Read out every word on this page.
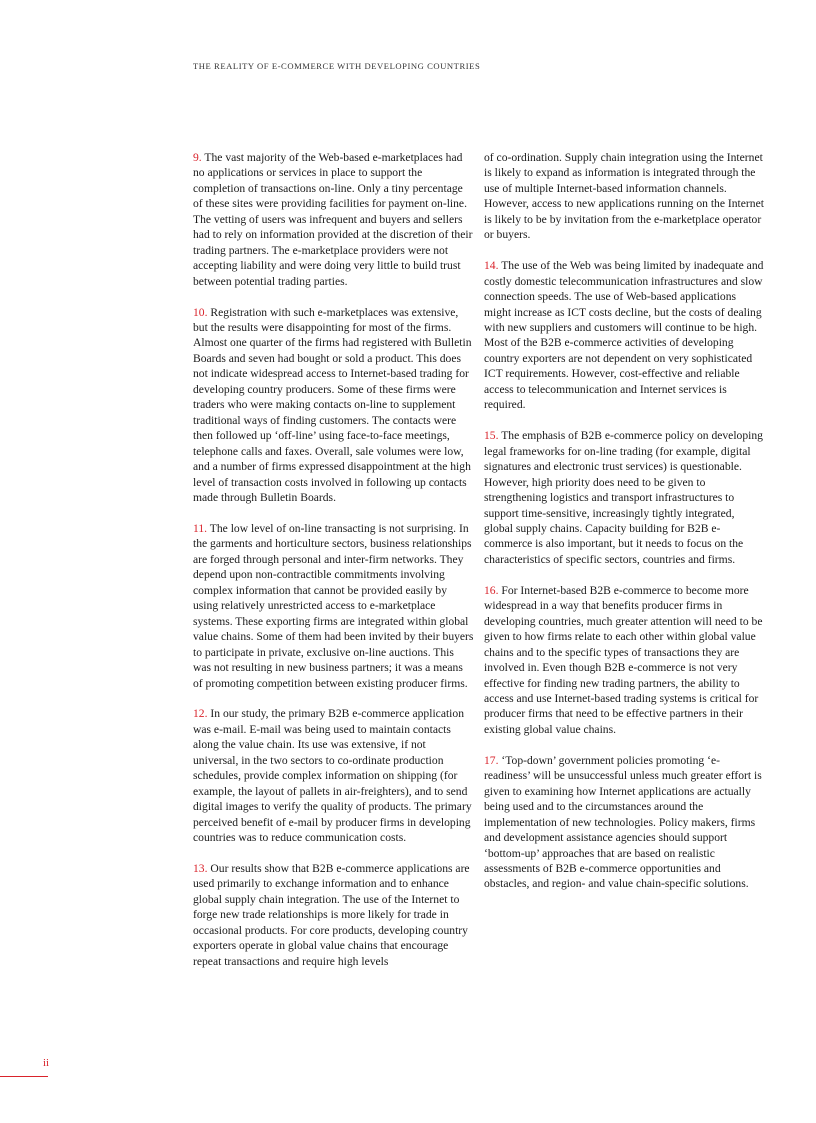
THE REALITY OF E-COMMERCE WITH DEVELOPING COUNTRIES

9. The vast majority of the Web-based e-marketplaces had no applications or services in place to support the completion of transactions on-line. Only a tiny percentage of these sites were providing facilities for payment on-line. The vetting of users was infrequent and buyers and sellers had to rely on information provided at the discretion of their trading partners. The e-marketplace providers were not accepting liability and were doing very little to build trust between potential trading parties.

10. Registration with such e-marketplaces was extensive, but the results were disappointing for most of the firms. Almost one quarter of the firms had registered with Bulletin Boards and seven had bought or sold a product. This does not indicate widespread access to Internet-based trading for developing country producers. Some of these firms were traders who were making contacts on-line to supplement traditional ways of finding customers. The contacts were then followed up ‘off-line’ using face-to-face meetings, telephone calls and faxes. Overall, sale volumes were low, and a number of firms expressed disappointment at the high level of transaction costs involved in following up contacts made through Bulletin Boards.

11. The low level of on-line transacting is not surprising. In the garments and horticulture sectors, business relationships are forged through personal and inter-firm networks. They depend upon non-contractible commitments involving complex information that cannot be provided easily by using relatively unrestricted access to e-marketplace systems. These exporting firms are integrated within global value chains. Some of them had been invited by their buyers to participate in private, exclusive on-line auctions. This was not resulting in new business partners; it was a means of promoting competition between existing producer firms.

12. In our study, the primary B2B e-commerce application was e-mail. E-mail was being used to maintain contacts along the value chain. Its use was extensive, if not universal, in the two sectors to co-ordinate production schedules, provide complex information on shipping (for example, the layout of pallets in air-freighters), and to send digital images to verify the quality of products. The primary perceived benefit of e-mail by producer firms in developing countries was to reduce communication costs.

13. Our results show that B2B e-commerce applications are used primarily to exchange information and to enhance global supply chain integration. The use of the Internet to forge new trade relationships is more likely for trade in occasional products. For core products, developing country exporters operate in global value chains that encourage repeat transactions and require high levels

of co-ordination. Supply chain integration using the Internet is likely to expand as information is integrated through the use of multiple Internet-based information channels. However, access to new applications running on the Internet is likely to be by invitation from the e-marketplace operator or buyers.

14. The use of the Web was being limited by inadequate and costly domestic telecommunication infrastructures and slow connection speeds. The use of Web-based applications might increase as ICT costs decline, but the costs of dealing with new suppliers and customers will continue to be high. Most of the B2B e-commerce activities of developing country exporters are not dependent on very sophisticated ICT requirements. However, cost-effective and reliable access to telecommunication and Internet services is required.

15. The emphasis of B2B e-commerce policy on developing legal frameworks for on-line trading (for example, digital signatures and electronic trust services) is questionable. However, high priority does need to be given to strengthening logistics and transport infrastructures to support time-sensitive, increasingly tightly integrated, global supply chains. Capacity building for B2B e-commerce is also important, but it needs to focus on the characteristics of specific sectors, countries and firms.

16. For Internet-based B2B e-commerce to become more widespread in a way that benefits producer firms in developing countries, much greater attention will need to be given to how firms relate to each other within global value chains and to the specific types of transactions they are involved in. Even though B2B e-commerce is not very effective for finding new trading partners, the ability to access and use Internet-based trading systems is critical for producer firms that need to be effective partners in their existing global value chains.

17. ‘Top-down’ government policies promoting ‘e-readiness’ will be unsuccessful unless much greater effort is given to examining how Internet applications are actually being used and to the circumstances around the implementation of new technologies. Policy makers, firms and development assistance agencies should support ‘bottom-up’ approaches that are based on realistic assessments of B2B e-commerce opportunities and obstacles, and region- and value chain-specific solutions.

ii
